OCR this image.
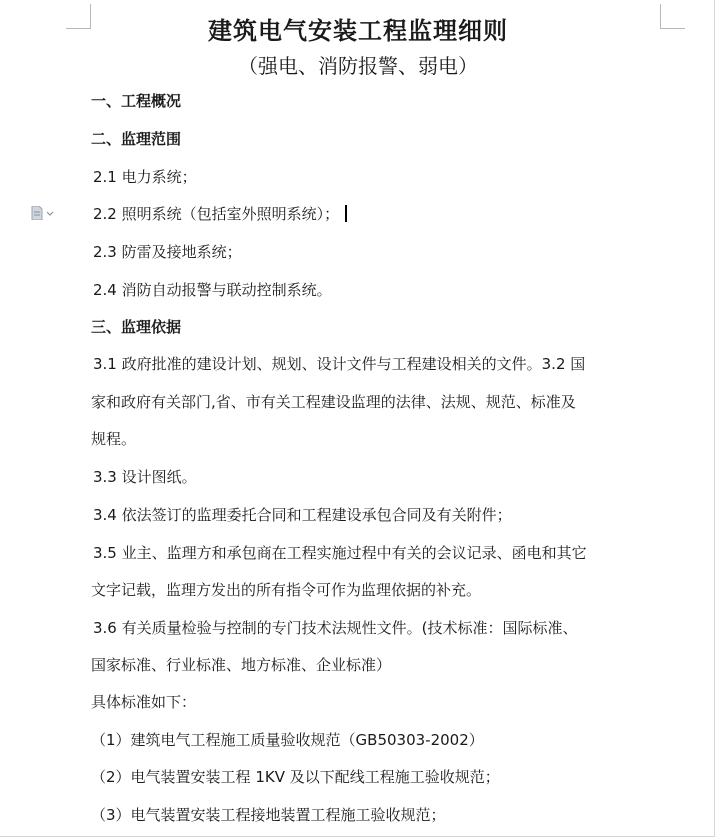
建筑电气安装工程监理细则
（强电、消防报警、弱电）
一、工程概况
二、监理范围
2.1 电力系统；
2.2 照明系统（包括室外照明系统）；
2.3 防雷及接地系统；
2.4 消防自动报警与联动控制系统。
三、监理依据
3.1 政府批准的建设计划、规划、设计文件与工程建设相关的文件。3.2 国
家和政府有关部门,省、市有关工程建设监理的法律、法规、规范、标准及
规程。
3.3 设计图纸。
3.4 依法签订的监理委托合同和工程建设承包合同及有关附件；
3.5 业主、监理方和承包商在工程实施过程中有关的会议记录、函电和其它
文字记载，监理方发出的所有指令可作为监理依据的补充。
3.6 有关质量检验与控制的专门技术法规性文件。(技术标准：国际标准、
国家标准、行业标准、地方标准、企业标准）
具体标准如下：
（1）建筑电气工程施工质量验收规范（GB50303-2002）
（2）电气装置安装工程 1KV 及以下配线工程施工验收规范；
（3）电气装置安装工程接地装置工程施工验收规范；
